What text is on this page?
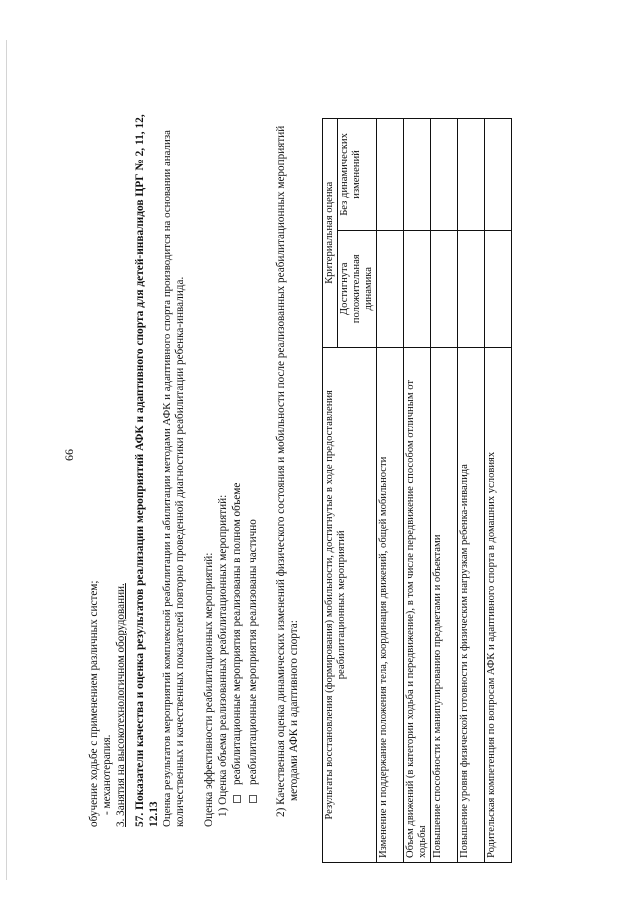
66
обучение ходьбе с применением различных систем; - механотерапия. 3. Занятия на высокотехнологичном оборудовании. 57. Показатели качества и оценка результатов реализации мероприятий АФК и адаптивного спорта для детей-инвалидов ЦРГ № 2, 11, 12, 12.13 Оценка результатов мероприятий комплексной реабилитации и абилитации методами АФК и адаптивного спорта производится на основании анализа количественных и качественных показателей повторно проведенной диагностики реабилитации ребенка-инвалида. Оценка эффективности реабилитационных мероприятий: 1) Оценка объема реализованных реабилитационных мероприятий: реабилитационные мероприятия реализованы в полном объеме реабилитационные мероприятия реализованы частично 2) Качественная оценка динамических изменений физического состояния и мобильности после реализованных реабилитационных мероприятий методами АФК и адаптивного спорта: Результаты восстановления (формирования) мобильности, достигнутые в ходе предоставления реабилитационных мероприятий	Критериальная оценка	
	Достигнута положительная динамика	Без динамических изменений
Изменение и поддержание положения тела, координация движений, общей мобильности		
Объем движений (в категории ходьба и передвижение), в том числе передвижение способом отличным от ходьбы		
Повышение способности к манипулированию предметами и объектами		
Повышение уровня физической готовности к физическим нагрузкам ребенка-инвалида		
Родительская компетенция по вопросам АФК и адаптивного спорта в домашних условиях		
